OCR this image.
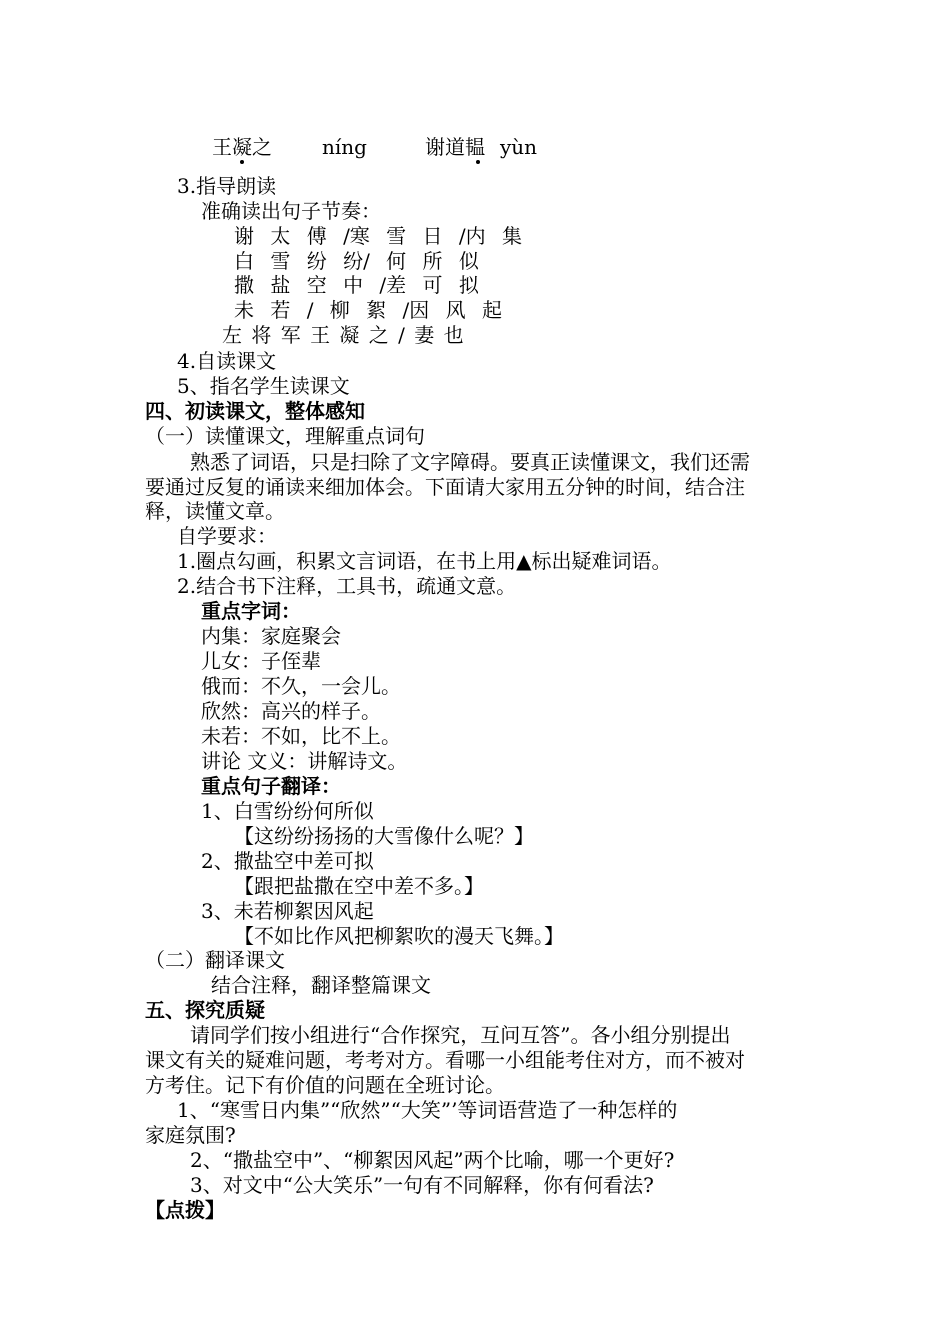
王凝之	níng	谢道韫 yùn
3.指导朗读
准确读出句子节奏：
谢 太 傅 /寒 雪 日 /内 集
白 雪 纷 纷/ 何 所 似
撒 盐 空 中 /差 可 拟
未 若 / 柳 絮 /因 风 起
左 将 军 王 凝 之 / 妻 也
4.自读课文
5、指名学生读课文
四、初读课文，整体感知
（一）读懂课文，理解重点词句
熟悉了词语，只是扫除了文字障碍。要真正读懂课文，我们还需
要通过反复的诵读来细加体会。下面请大家用五分钟的时间，结合注
释，读懂文章。
自学要求：
1.圈点勾画，积累文言词语，在书上用▲标出疑难词语。
2.结合书下注释，工具书，疏通文意。
重点字词：
内集：家庭聚会
儿女：子侄辈
俄而：不久，一会儿。
欣然：高兴的样子。
未若：不如，比不上。
讲论 文义：讲解诗文。
重点句子翻译：
1、白雪纷纷何所似
【这纷纷扬扬的大雪像什么呢？】
2、撒盐空中差可拟
【跟把盐撒在空中差不多。】
3、未若柳絮因风起
【不如比作风把柳絮吹的漫天飞舞。】
（二）翻译课文
结合注释，翻译整篇课文
五、探究质疑
请同学们按小组进行“合作探究，互问互答”。各小组分别提出
课文有关的疑难问题，考考对方。看哪一小组能考住对方，而不被对
方考住。记下有价值的问题在全班讨论。
1、“寒雪日内集”“欣然”“大笑”’等词语营造了一种怎样的
家庭氛围?
2、“撒盐空中”、“柳絮因风起”两个比喻，哪一个更好?
3、对文中“公大笑乐”一句有不同解释，你有何看法?
【点拨】
